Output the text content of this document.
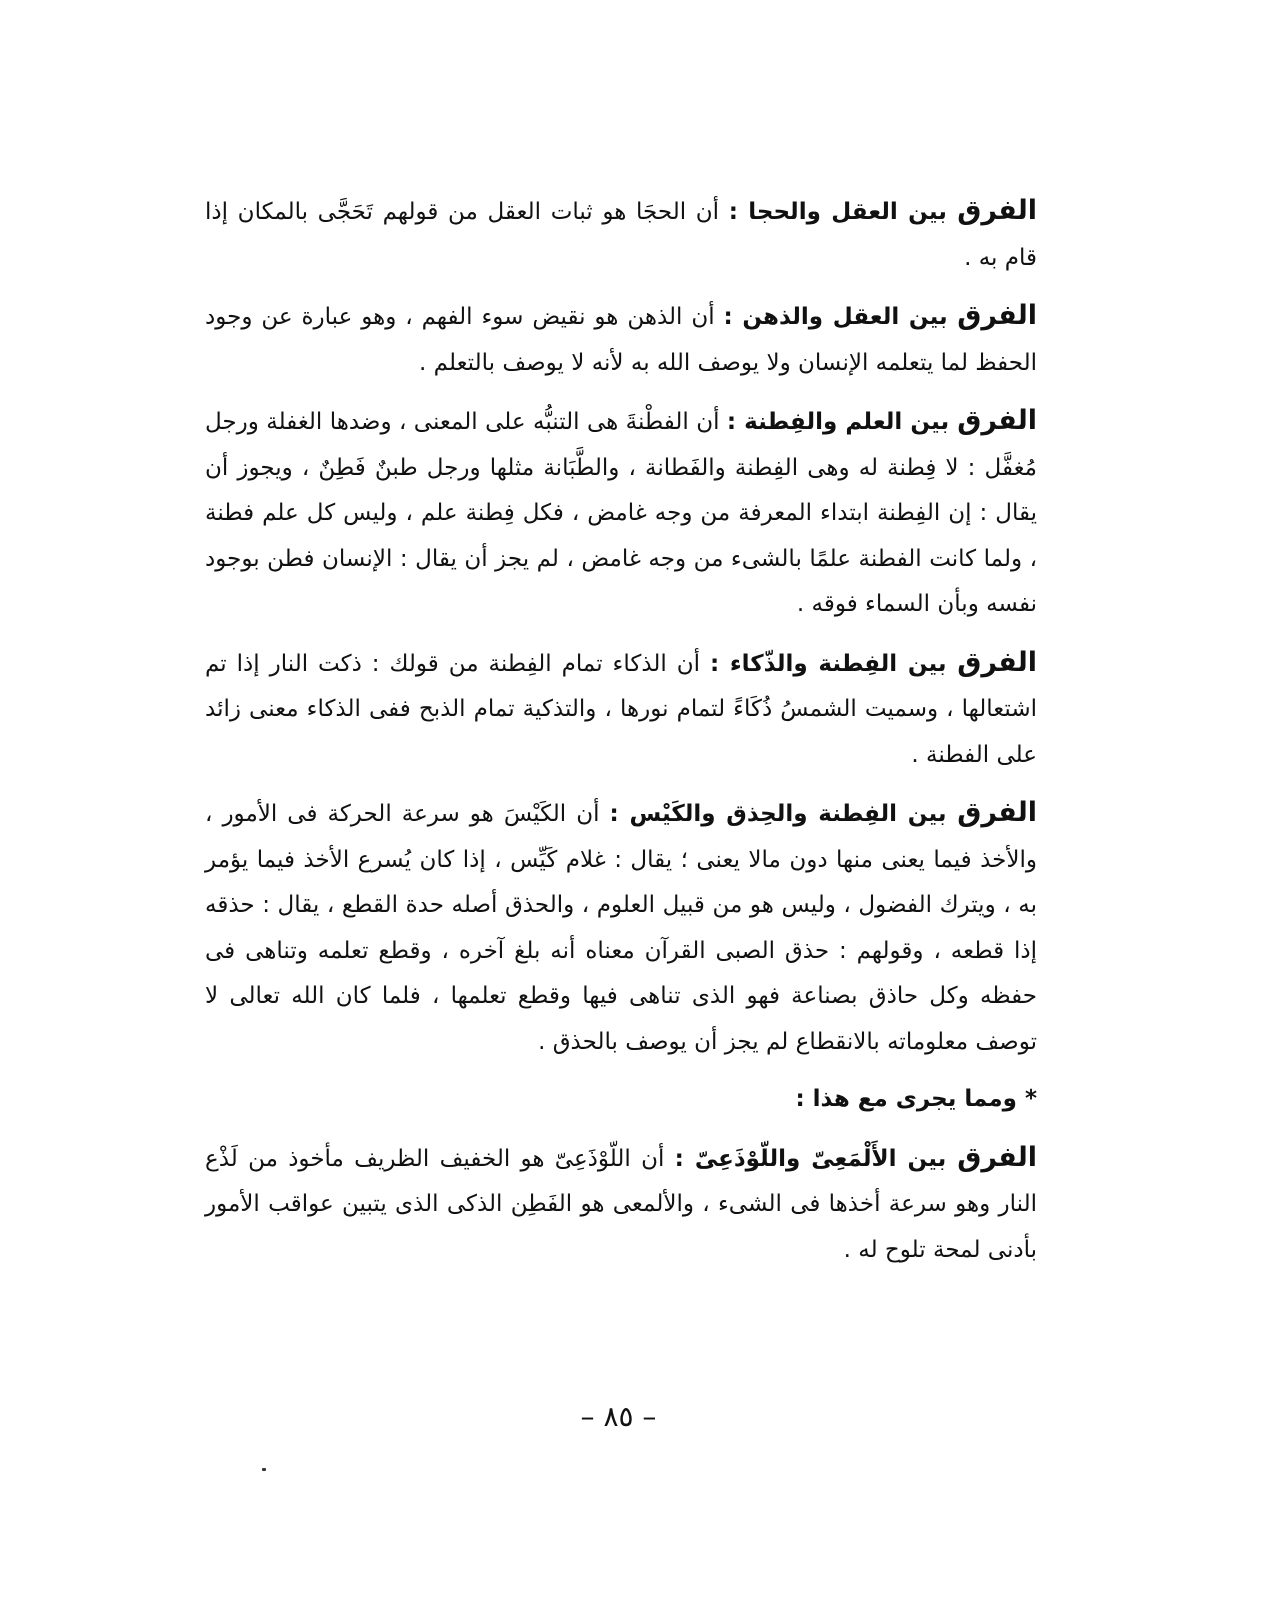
الفرق بين العقل والحجا : أن الحجَا هو ثبات العقل من قولهم تَحَجَّى بالمكان إذا قام به .

الفرق بين العقل والذهن : أن الذهن هو نقيض سوء الفهم ، وهو عبارة عن وجود الحفظ لما يتعلمه الإنسان ولا يوصف الله به لأنه لا يوصف بالتعلم .

الفرق بين العلم والفِطنة : أن الفطْنةَ هى التنبُّه على المعنى ، وضدها الغفلة ورجل مُغفَّل : لا فِطنة له وهى الفِطنة والفَطانة ، والطَّبَانة مثلها ورجل طبنٌ فَطِنٌ ، ويجوز أن يقال : إن الفِطنة ابتداء المعرفة من وجه غامض ، فكل فِطنة علم ، وليس كل علم فطنة ، ولما كانت الفطنة علمًا بالشىء من وجه غامض ، لم يجز أن يقال : الإنسان فطن بوجود نفسه وبأن السماء فوقه .

الفرق بين الفِطنة والذّكاء : أن الذكاء تمام الفِطنة من قولك : ذكت النار إذا تم اشتعالها ، وسميت الشمسُ ذُكَاءً لتمام نورها ، والتذكية تمام الذبح ففى الذكاء معنى زائد على الفطنة .

الفرق بين الفِطنة والحِذق والكَيْس : أن الكَيْسَ هو سرعة الحركة فى الأمور ، والأخذ فيما يعنى منها دون مالا يعنى ؛ يقال : غلام كَيِّس ، إذا كان يُسرع الأخذ فيما يؤمر به ، ويترك الفضول ، وليس هو من قبيل العلوم ، والحذق أصله حدة القطع ، يقال : حذقه إذا قطعه ، وقولهم : حذق الصبى القرآن معناه أنه بلغ آخره ، وقطع تعلمه وتناهى فى حفظه وكل حاذق بصناعة فهو الذى تناهى فيها وقطع تعلمها ، فلما كان الله تعالى لا توصف معلوماته بالانقطاع لم يجز أن يوصف بالحذق .

* ومما يجرى مع هذا :

الفرق بين الأَلْمَعِىّ واللّوْذَعِىّ : أن اللّوْذَعِىّ هو الخفيف الظريف مأخوذ من لَذْع النار وهو سرعة أخذها فى الشىء ، والألمعى هو الفَطِن الذكى الذى يتبين عواقب الأمور بأدنى لمحة تلوح له .

– ٨٥ –
